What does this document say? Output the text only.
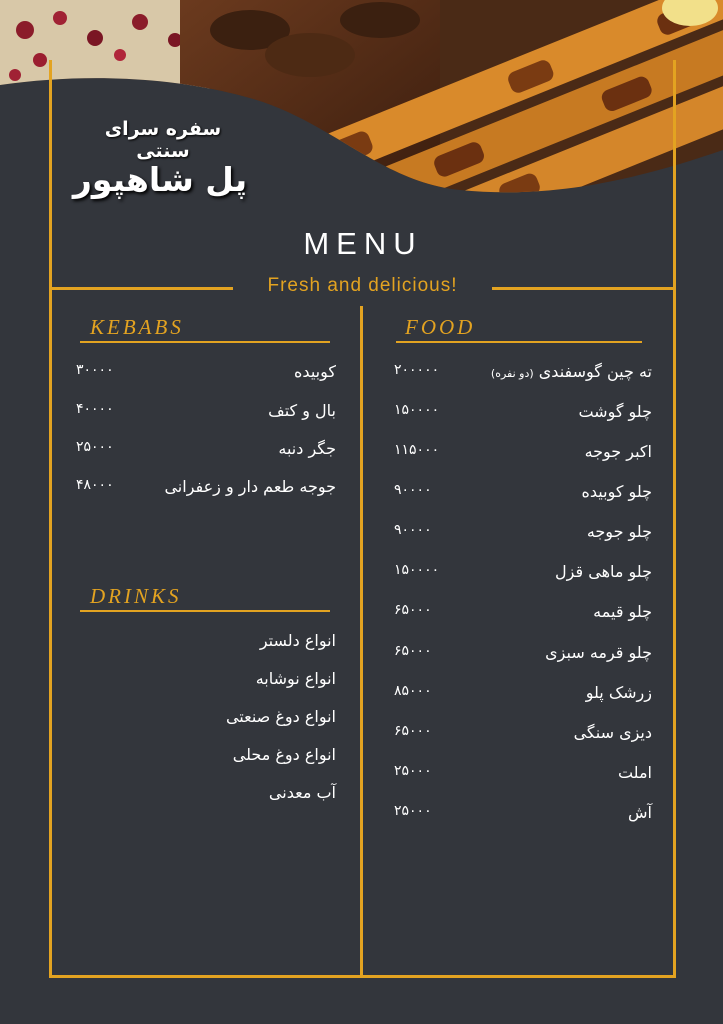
سفره سرای سنتی
پل شاهپور
MENU
Fresh and delicious!
KEBABS
کوبیده
۳۰۰۰۰
بال و کتف
۴۰۰۰۰
جگر دنبه
۲۵۰۰۰
جوجه طعم دار و زعفرانی
۴۸۰۰۰
DRINKS
انواع دلستر
انواع نوشابه
انواع دوغ صنعتی
انواع دوغ محلی
آب معدنی
FOOD
ته چین گوسفندی (دو نفره)
۲۰۰۰۰۰
چلو گوشت
۱۵۰۰۰۰
اکبر جوجه
۱۱۵۰۰۰
چلو کوبیده
۹۰۰۰۰
چلو جوجه
۹۰۰۰۰
چلو ماهی قزل
۱۵۰۰۰۰
چلو قیمه
۶۵۰۰۰
چلو قرمه سبزی
۶۵۰۰۰
زرشک پلو
۸۵۰۰۰
دیزی سنگی
۶۵۰۰۰
املت
۲۵۰۰۰
آش
۲۵۰۰۰
